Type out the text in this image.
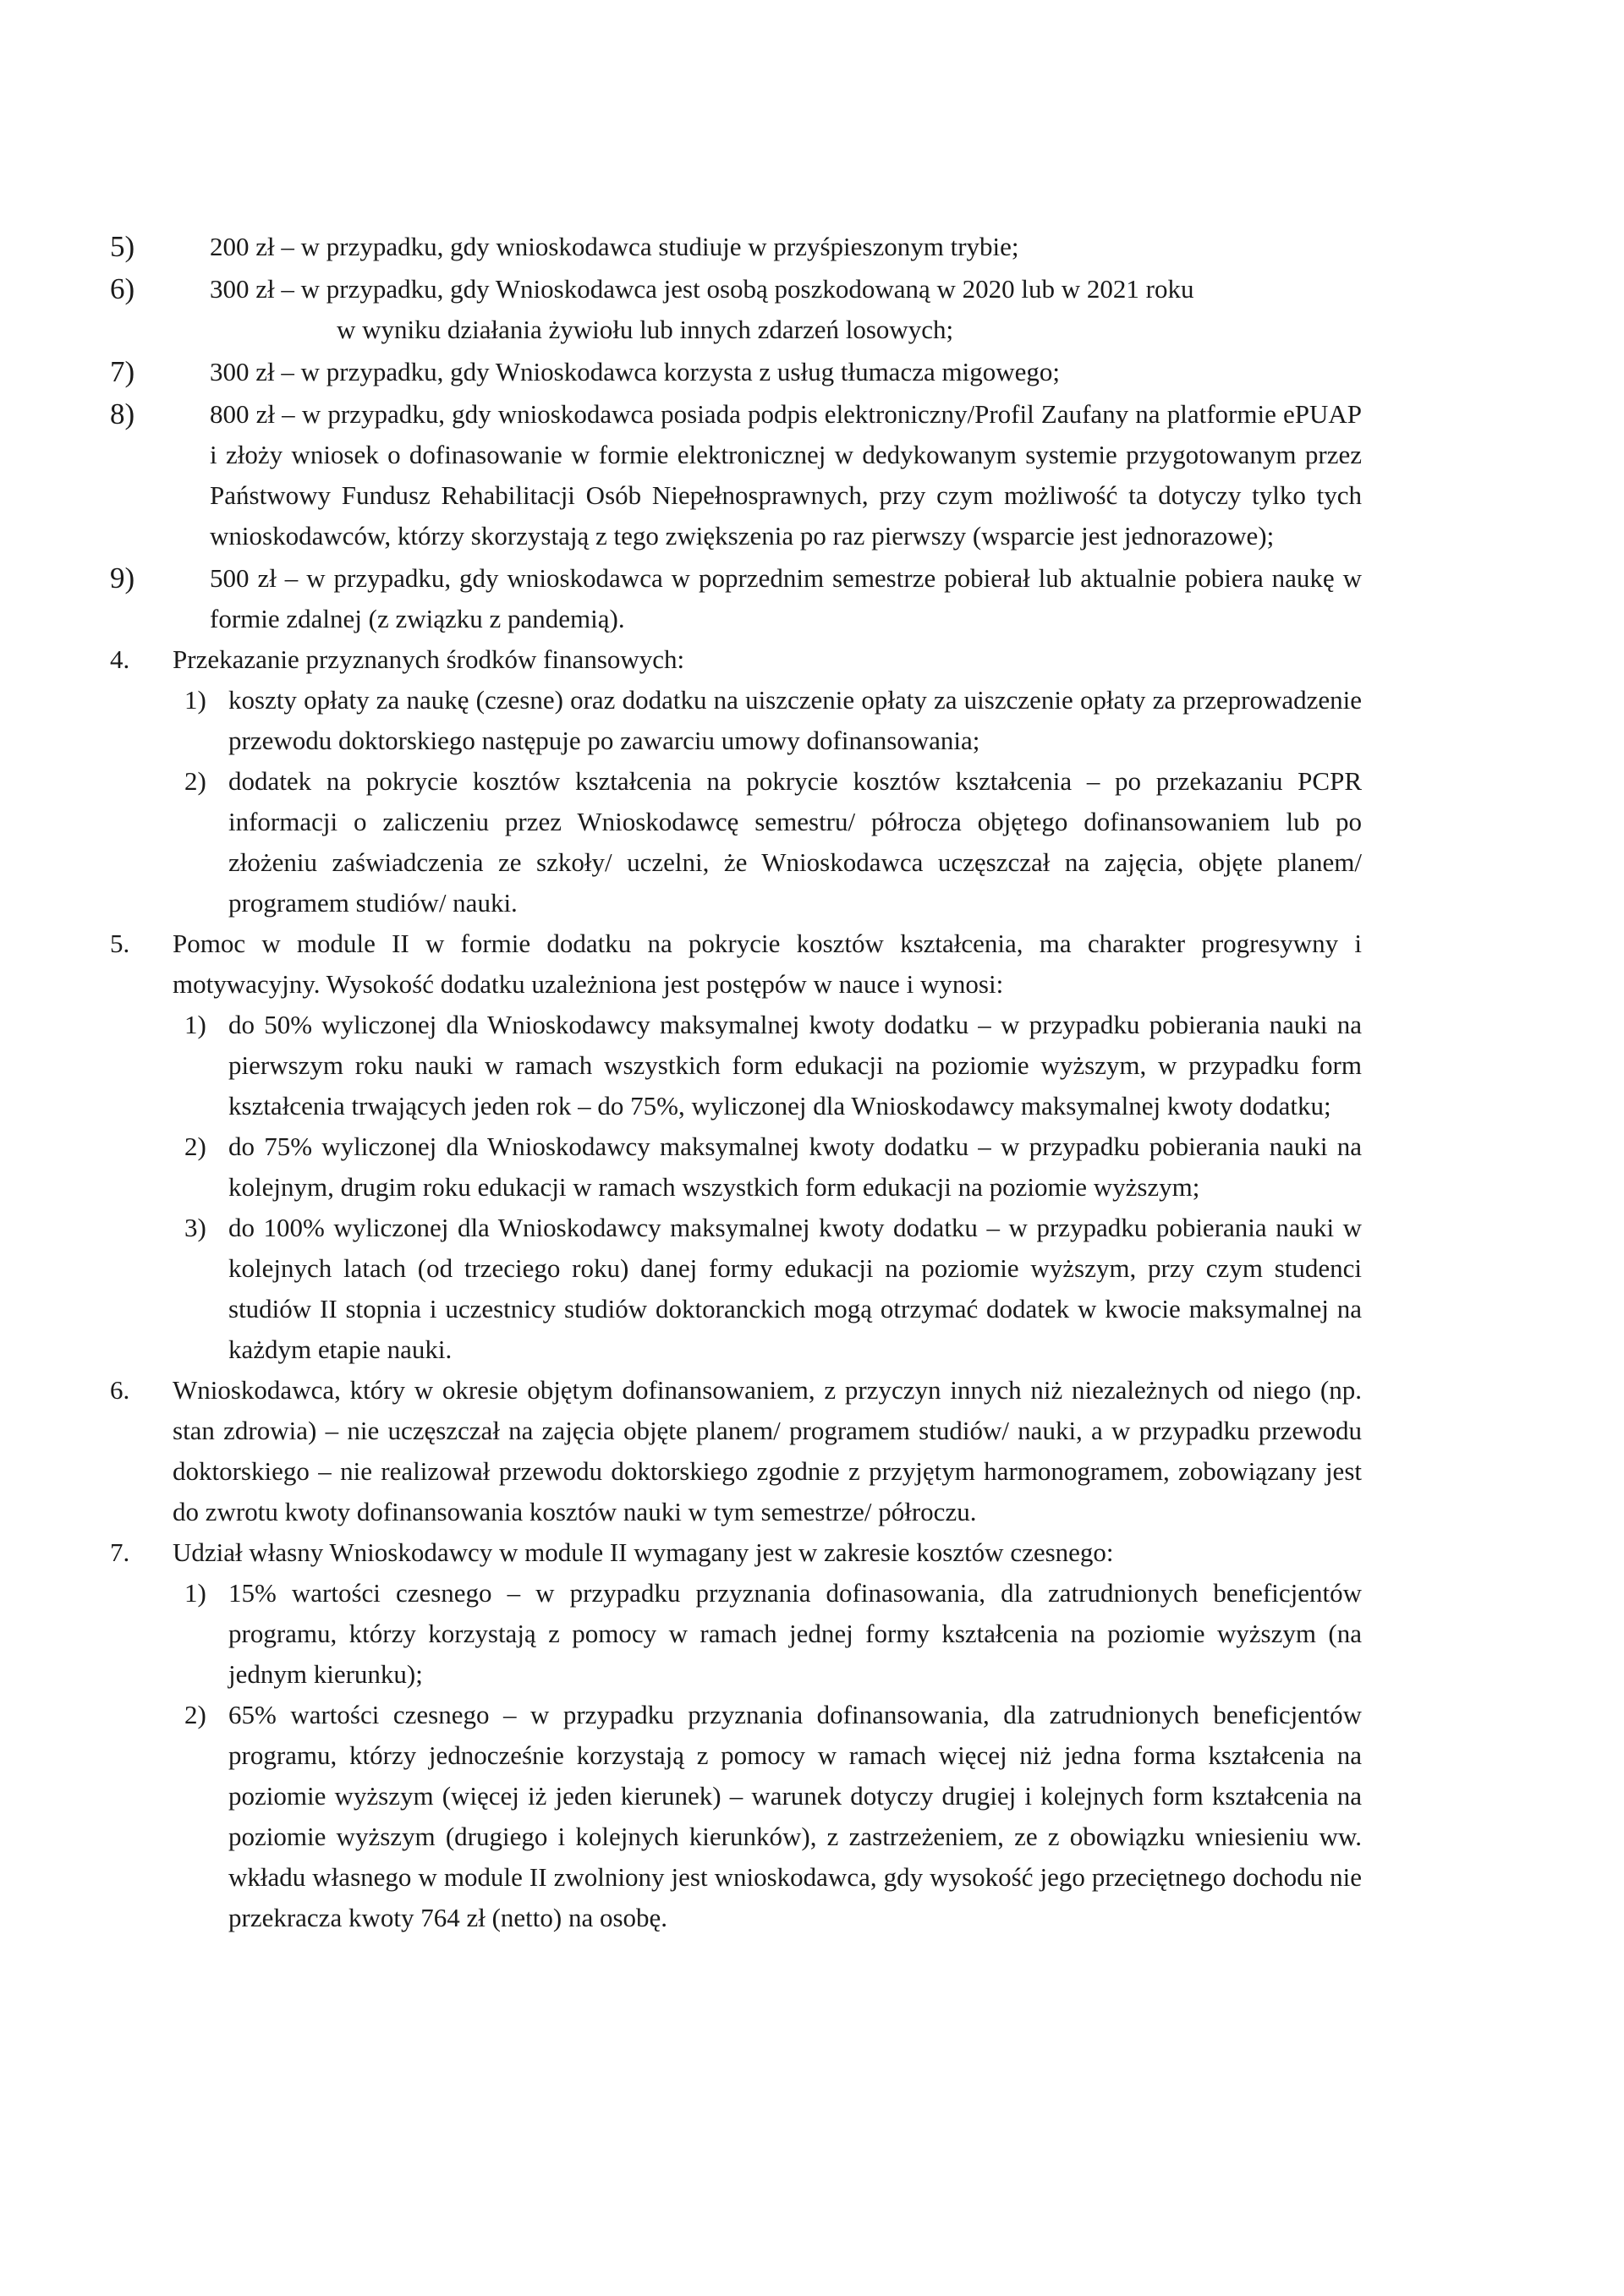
5)	200 zł – w przypadku, gdy wnioskodawca studiuje w przyśpieszonym trybie;
6)	300 zł – w przypadku, gdy Wnioskodawca jest osobą poszkodowaną w 2020 lub w 2021 roku
w wyniku działania żywiołu lub innych zdarzeń losowych;
7)	300 zł – w przypadku, gdy Wnioskodawca korzysta z usług tłumacza migowego;
8)	800 zł – w przypadku, gdy wnioskodawca posiada podpis elektroniczny/Profil Zaufany na platformie ePUAP i złoży wniosek o dofinasowanie w formie elektronicznej w dedykowanym systemie przygotowanym przez Państwowy Fundusz Rehabilitacji Osób Niepełnosprawnych, przy czym możliwość ta dotyczy tylko tych wnioskodawców, którzy skorzystają z tego zwiększenia po raz pierwszy (wsparcie jest jednorazowe);
9)	500 zł – w przypadku, gdy wnioskodawca w poprzednim semestrze pobierał lub aktualnie pobiera naukę w formie zdalnej (z związku z pandemią).
4. Przekazanie przyznanych środków finansowych:
1) koszty opłaty za naukę (czesne) oraz dodatku na uiszczenie opłaty za uiszczenie opłaty za przeprowadzenie przewodu doktorskiego następuje po zawarciu umowy dofinansowania;
2) dodatek na pokrycie kosztów kształcenia na pokrycie kosztów kształcenia – po przekazaniu PCPR informacji o zaliczeniu przez Wnioskodawcę semestru/ półrocza objętego dofinansowaniem lub po złożeniu zaświadczenia ze szkoły/ uczelni, że Wnioskodawca uczęszczał na zajęcia, objęte planem/ programem studiów/ nauki.
5. Pomoc w module II w formie dodatku na pokrycie kosztów kształcenia, ma charakter progresywny i motywacyjny. Wysokość dodatku uzależniona jest postępów w nauce i wynosi:
1) do 50% wyliczonej dla Wnioskodawcy maksymalnej kwoty dodatku – w przypadku pobierania nauki na pierwszym roku nauki w ramach wszystkich form edukacji na poziomie wyższym, w przypadku form kształcenia trwających jeden rok – do 75%, wyliczonej dla Wnioskodawcy maksymalnej kwoty dodatku;
2) do 75% wyliczonej dla Wnioskodawcy maksymalnej kwoty dodatku – w przypadku pobierania nauki na kolejnym, drugim roku edukacji w ramach wszystkich form edukacji na poziomie wyższym;
3) do 100% wyliczonej dla Wnioskodawcy maksymalnej kwoty dodatku – w przypadku pobierania nauki w kolejnych latach (od trzeciego roku) danej formy edukacji na poziomie wyższym, przy czym studenci studiów II stopnia i uczestnicy studiów doktoranckich mogą otrzymać dodatek w kwocie maksymalnej na każdym etapie nauki.
6. Wnioskodawca, który w okresie objętym dofinansowaniem, z przyczyn innych niż niezależnych od niego (np. stan zdrowia) – nie uczęszczał na zajęcia objęte planem/ programem studiów/ nauki, a w przypadku przewodu doktorskiego – nie realizował przewodu doktorskiego zgodnie z przyjętym harmonogramem, zobowiązany jest do zwrotu kwoty dofinansowania kosztów nauki w tym semestrze/ półroczu.
7. Udział własny Wnioskodawcy w module II wymagany jest w zakresie kosztów czesnego:
1) 15% wartości czesnego – w przypadku przyznania dofinasowania, dla zatrudnionych beneficjentów programu, którzy korzystają z pomocy w ramach jednej formy kształcenia na poziomie wyższym (na jednym kierunku);
2) 65% wartości czesnego – w przypadku przyznania dofinansowania, dla zatrudnionych beneficjentów programu, którzy jednocześnie korzystają z pomocy w ramach więcej niż jedna forma kształcenia na poziomie wyższym (więcej iż jeden kierunek) – warunek dotyczy drugiej i kolejnych form kształcenia na poziomie wyższym (drugiego i kolejnych kierunków), z zastrzeżeniem, ze z obowiązku wniesieniu ww. wkładu własnego w module II zwolniony jest wnioskodawca, gdy wysokość jego przeciętnego dochodu nie przekracza kwoty 764 zł (netto) na osobę.
